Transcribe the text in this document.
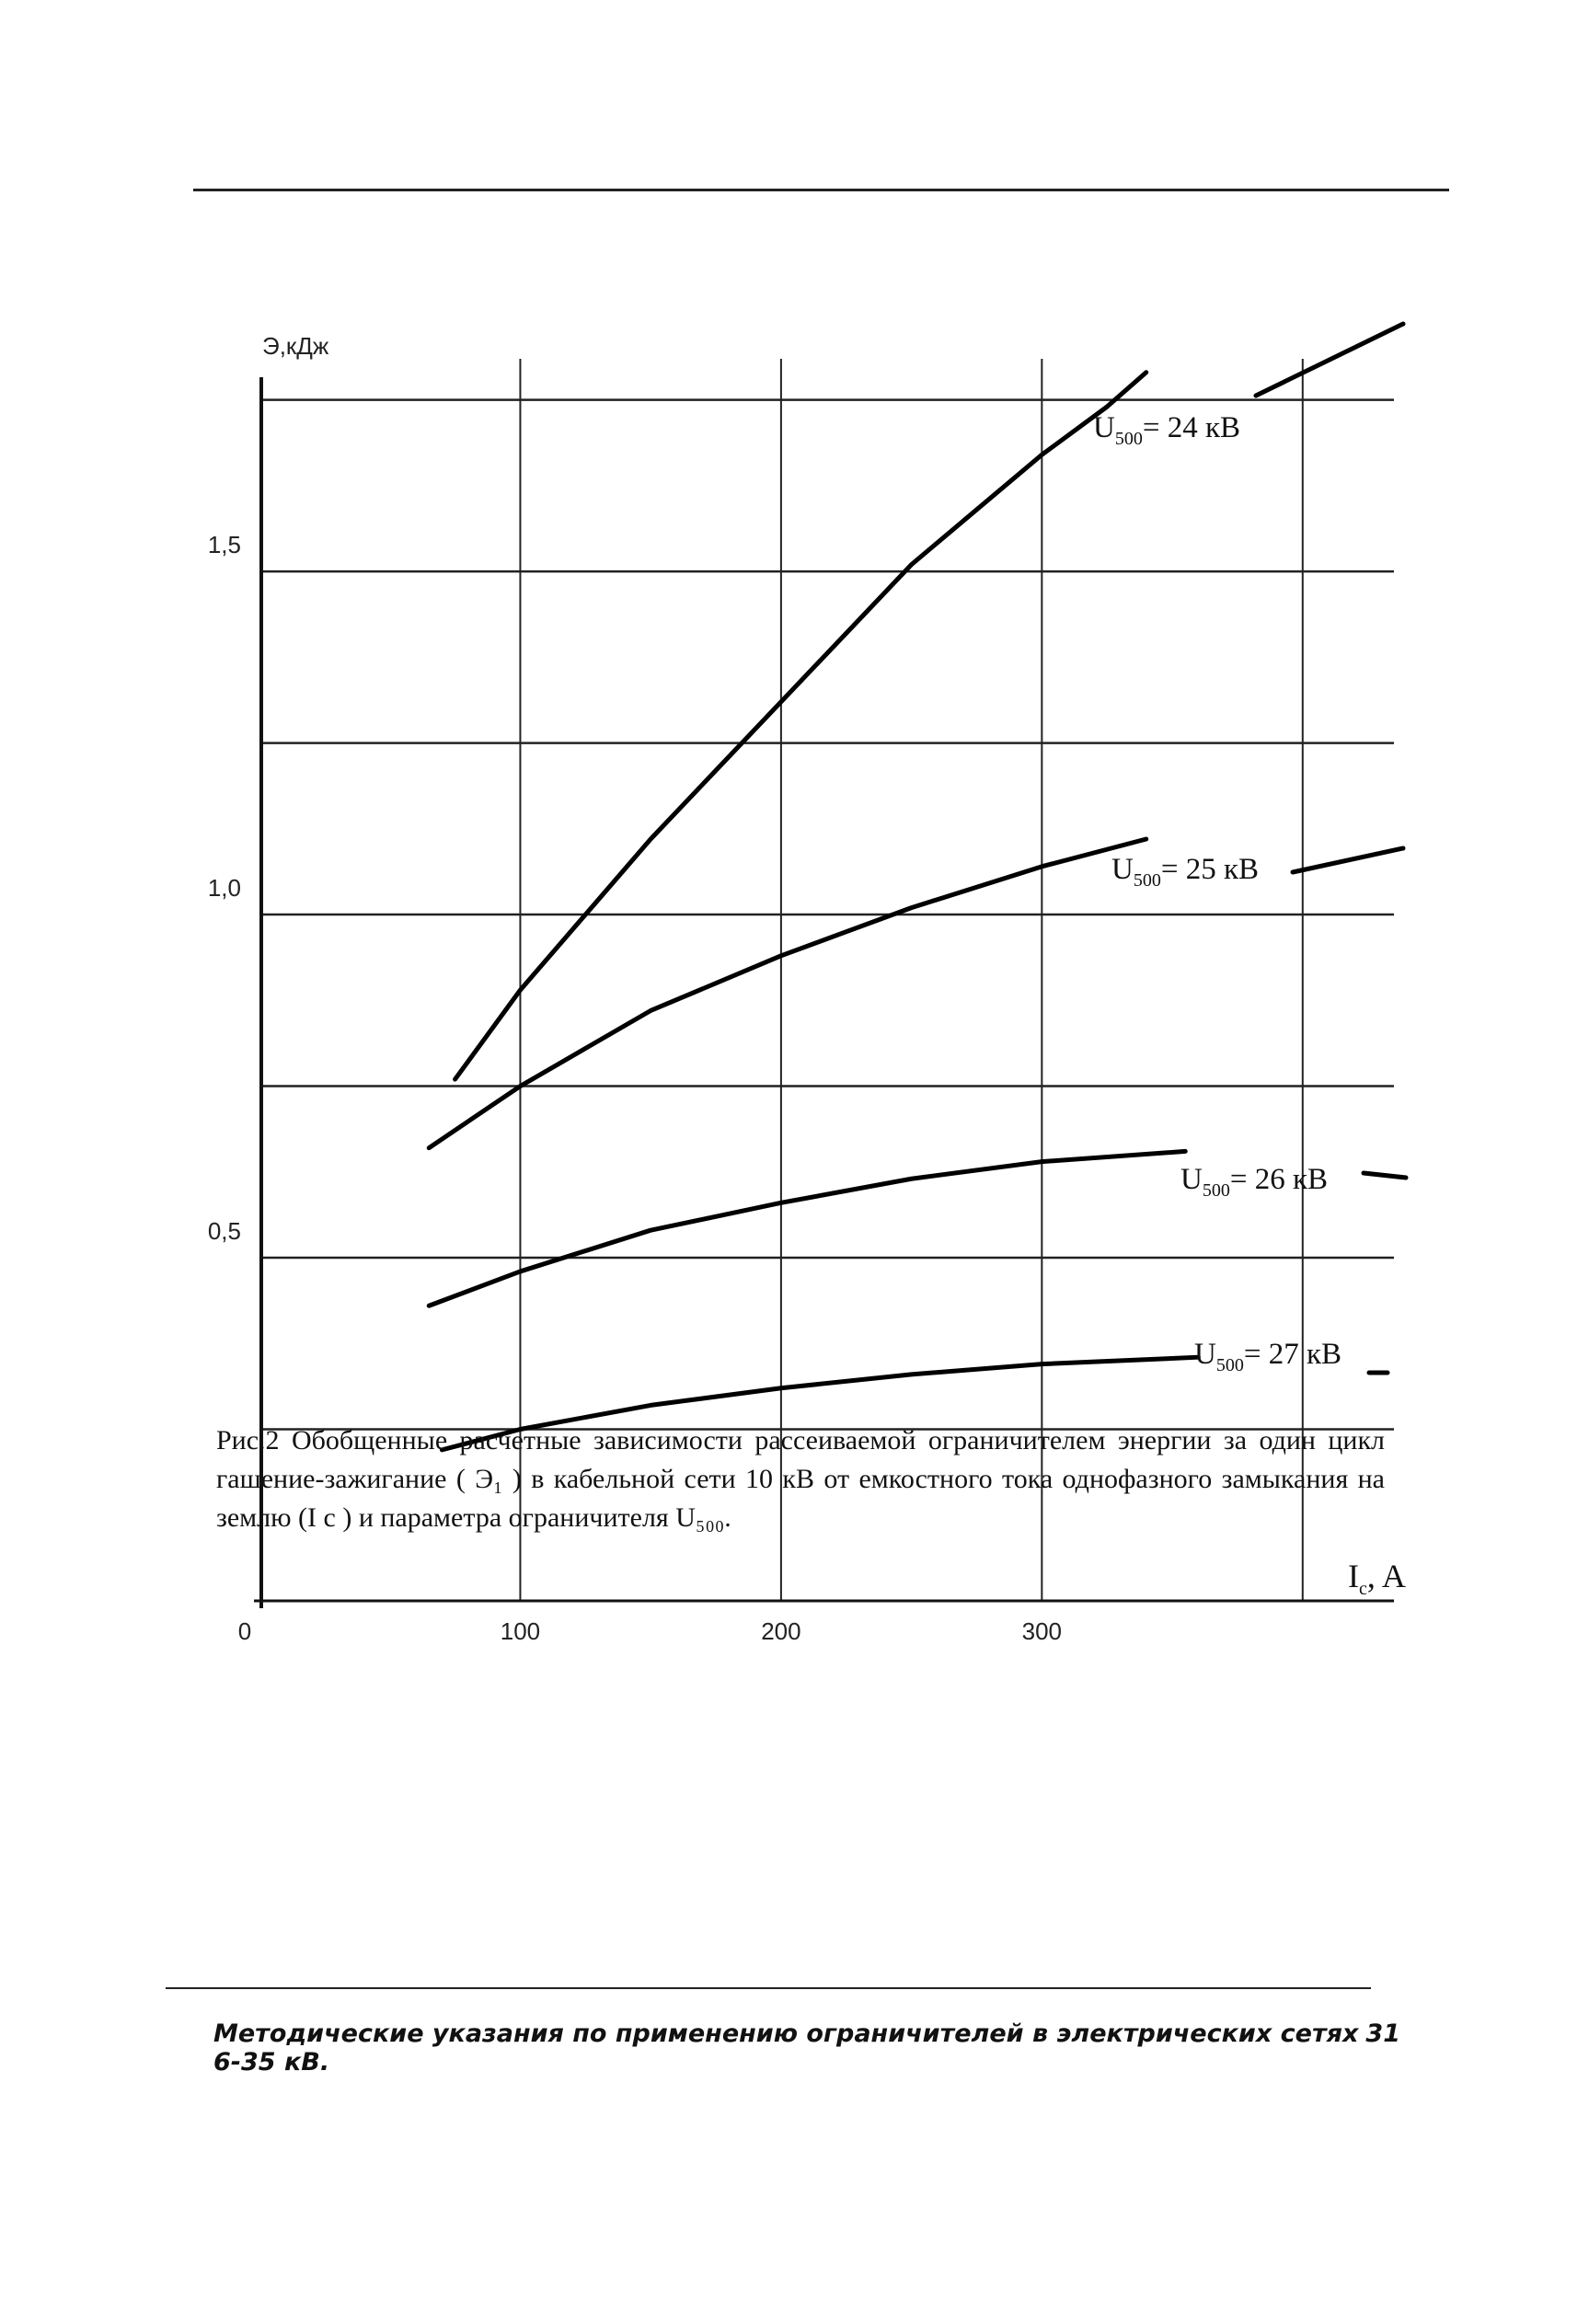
Э,кДж
$I_c$, A
0	100	200	300
0,5
1,0
1,5
$U_{500}= 24$ кВ
$U_{500}= 25$ кВ
$U_{500}= 26$ кВ
$U_{500}= 27$ кВ

Рис.2 Обобщенные расчетные зависимости рассеиваемой ограничителем энергии за один цикл гашение-зажигание ( Э₁ ) в кабельной сети 10 кВ от емкостного тока однофазного замыкания на землю (I c ) и параметра ограничителя U₅₀₀.

Методические указания по применению ограничителей в электрических сетях 6-35 кВ.
31
